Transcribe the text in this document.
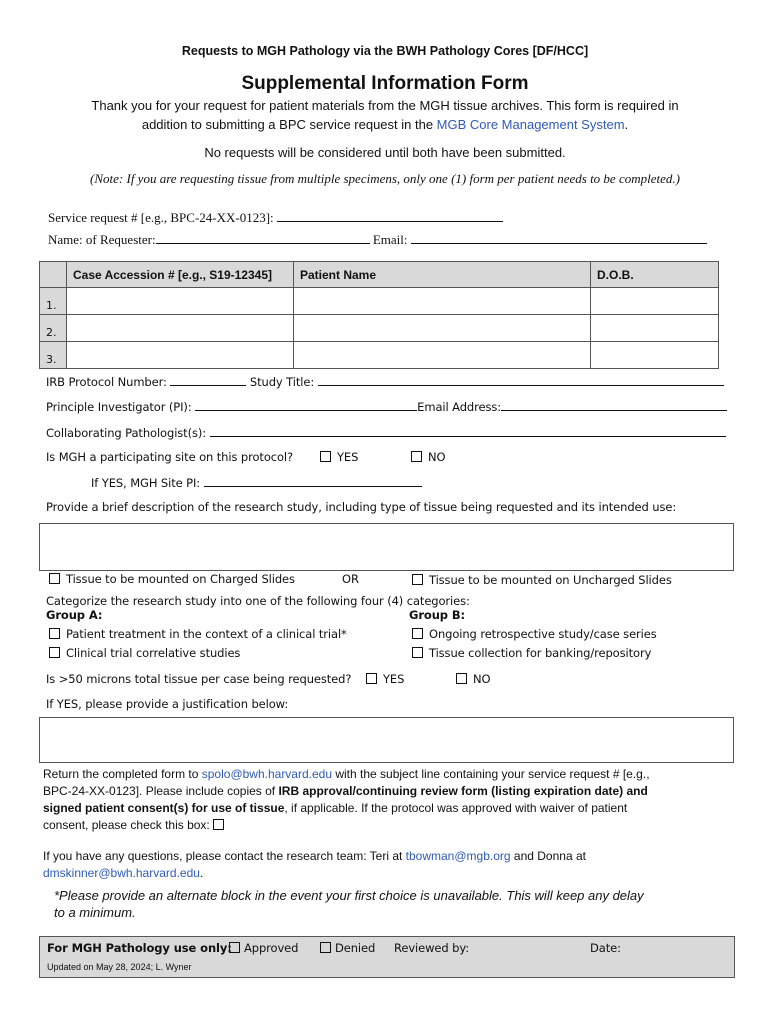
Requests to MGH Pathology via the BWH Pathology Cores [DF/HCC]
Supplemental Information Form
Thank you for your request for patient materials from the MGH tissue archives. This form is required in
addition to submitting a BPC service request in the MGB Core Management System.
No requests will be considered until both have been submitted.
(Note: If you are requesting tissue from multiple specimens, only one (1) form per patient needs to be completed.)
Service request # [e.g., BPC-24-XX-0123]:
Name: of Requester:	Email:
	Case Accession # [e.g., S19-12345]	Patient Name	D.O.B.
1.			
2.			
3.			
IRB Protocol Number:	Study Title:
Principle Investigator (PI):	Email Address:
Collaborating Pathologist(s):
Is MGH a participating site on this protocol?	YES	NO
If YES, MGH Site PI:
Provide a brief description of the research study, including type of tissue being requested and its intended use:
Tissue to be mounted on Charged Slides	OR	Tissue to be mounted on Uncharged Slides
Categorize the research study into one of the following four (4) categories:
Group A:	Group B:
Patient treatment in the context of a clinical trial*
Clinical trial correlative studies
Ongoing retrospective study/case series
Tissue collection for banking/repository
Is >50 microns total tissue per case being requested?	YES	NO
If YES, please provide a justification below:
Return the completed form to spolo@bwh.harvard.edu with the subject line containing your service request # [e.g.,
BPC-24-XX-0123]. Please include copies of IRB approval/continuing review form (listing expiration date) and
signed patient consent(s) for use of tissue, if applicable. If the protocol was approved with waiver of patient
consent, please check this box:
If you have any questions, please contact the research team: Teri at tbowman@mgb.org and Donna at
dmskinner@bwh.harvard.edu.
*Please provide an alternate block in the event your first choice is unavailable. This will keep any delay
to a minimum.
For MGH Pathology use only:	Approved	Denied Reviewed by:	Date:
Updated on May 28, 2024; L. Wyner
